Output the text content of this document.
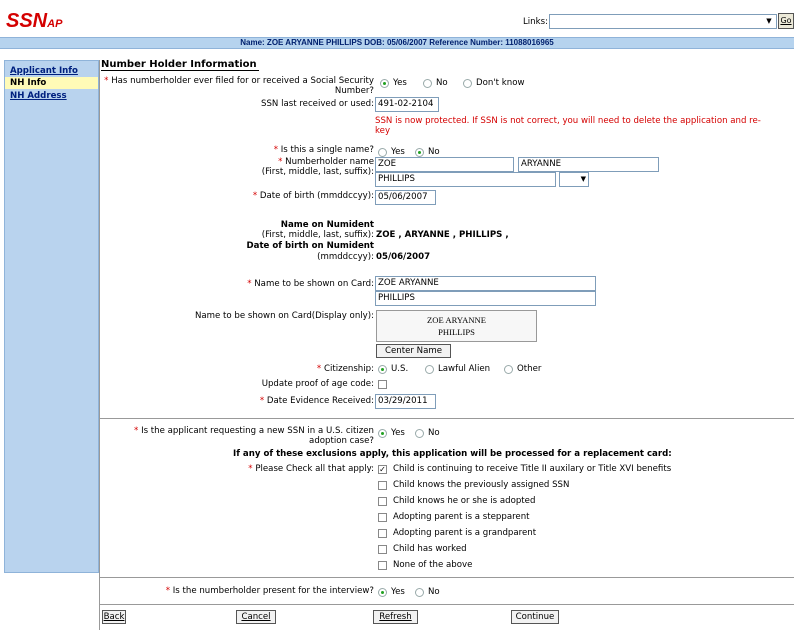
SSNAP	Links:	▼	Go
Name: ZOE ARYANNE PHILLIPS DOB: 05/06/2007 Reference Number: 11088016965
Applicant Info
NH Info
NH Address
Number Holder Information
* Has numberholder ever filed for or received a Social Security Number?
Yes	No	Don't know
SSN last received or used: 491-02-2104
SSN is now protected. If SSN is not correct, you will need to delete the application and re-key
* Is this a single name? Yes	No
* Numberholder name
(First, middle, last, suffix):
ZOE	ARYANNE
PHILLIPS	▼
* Date of birth (mmddccyy): 05/06/2007
Name on Numident
(First, middle, last, suffix): ZOE , ARYANNE , PHILLIPS ,
Date of birth on Numident
(mmddccyy): 05/06/2007
* Name to be shown on Card: ZOE ARYANNE
PHILLIPS
Name to be shown on Card(Display only):	ZOE ARYANNE
PHILLIPS
Center Name
* Citizenship: U.S.	Lawful Alien	Other
Update proof of age code:
* Date Evidence Received: 03/29/2011
* Is the applicant requesting a new SSN in a U.S. citizen adoption case?
Yes	No
If any of these exclusions apply, this application will be processed for a replacement card:
* Please Check all that apply: ✓ Child is continuing to receive Title II auxilary or Title XVI benefits
Child knows the previously assigned SSN
Child knows he or she is adopted
Adopting parent is a stepparent
Adopting parent is a grandparent
Child has worked
None of the above
* Is the numberholder present for the interview? Yes	No
Back	Cancel	Refresh	Continue
